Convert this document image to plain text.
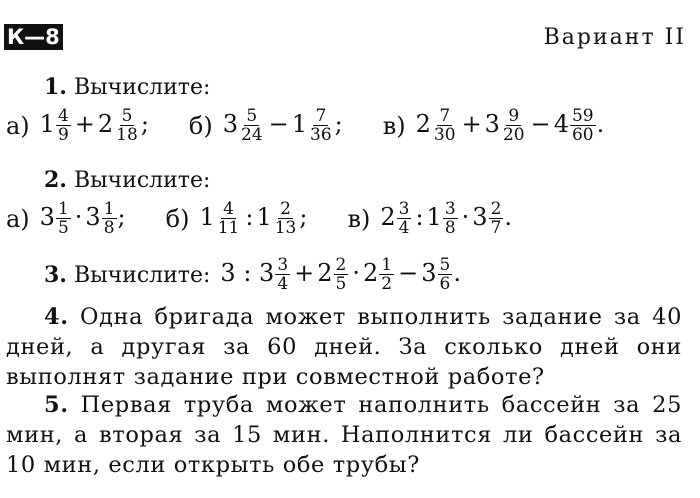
К—8	Вариант II
1. Вычислите:
а) $1 \frac{4}{9} + 2 \frac{5}{18}$ ; б) $3 \frac{5}{24} - 1 \frac{7}{36}$ ; в) $2 \frac{7}{30} + 3 \frac{9}{20} - 4 \frac{59}{60}$ .
2. Вычислите:
а) $3 \frac{1}{5} \cdot 3 \frac{1}{8}$ ; б) $1 \frac{4}{11}$ : $1 \frac{2}{13}$ ; в) $2 \frac{3}{4}$ : $1 \frac{3}{8} \cdot 3 \frac{2}{7}$ .
3. Вычислите: 3 : $3 \frac{3}{4} + 2 \frac{2}{5} \cdot 2 \frac{1}{2} - 3 \frac{5}{6}$ .
4. Одна бригада может выполнить задание за 40 дней, а другая за 60 дней. За сколько дней они выполнят задание при совместной работе?
5. Первая труба может наполнить бассейн за 25 мин, а вторая за 15 мин. Наполнится ли бассейн за 10 мин, если открыть обе трубы?
